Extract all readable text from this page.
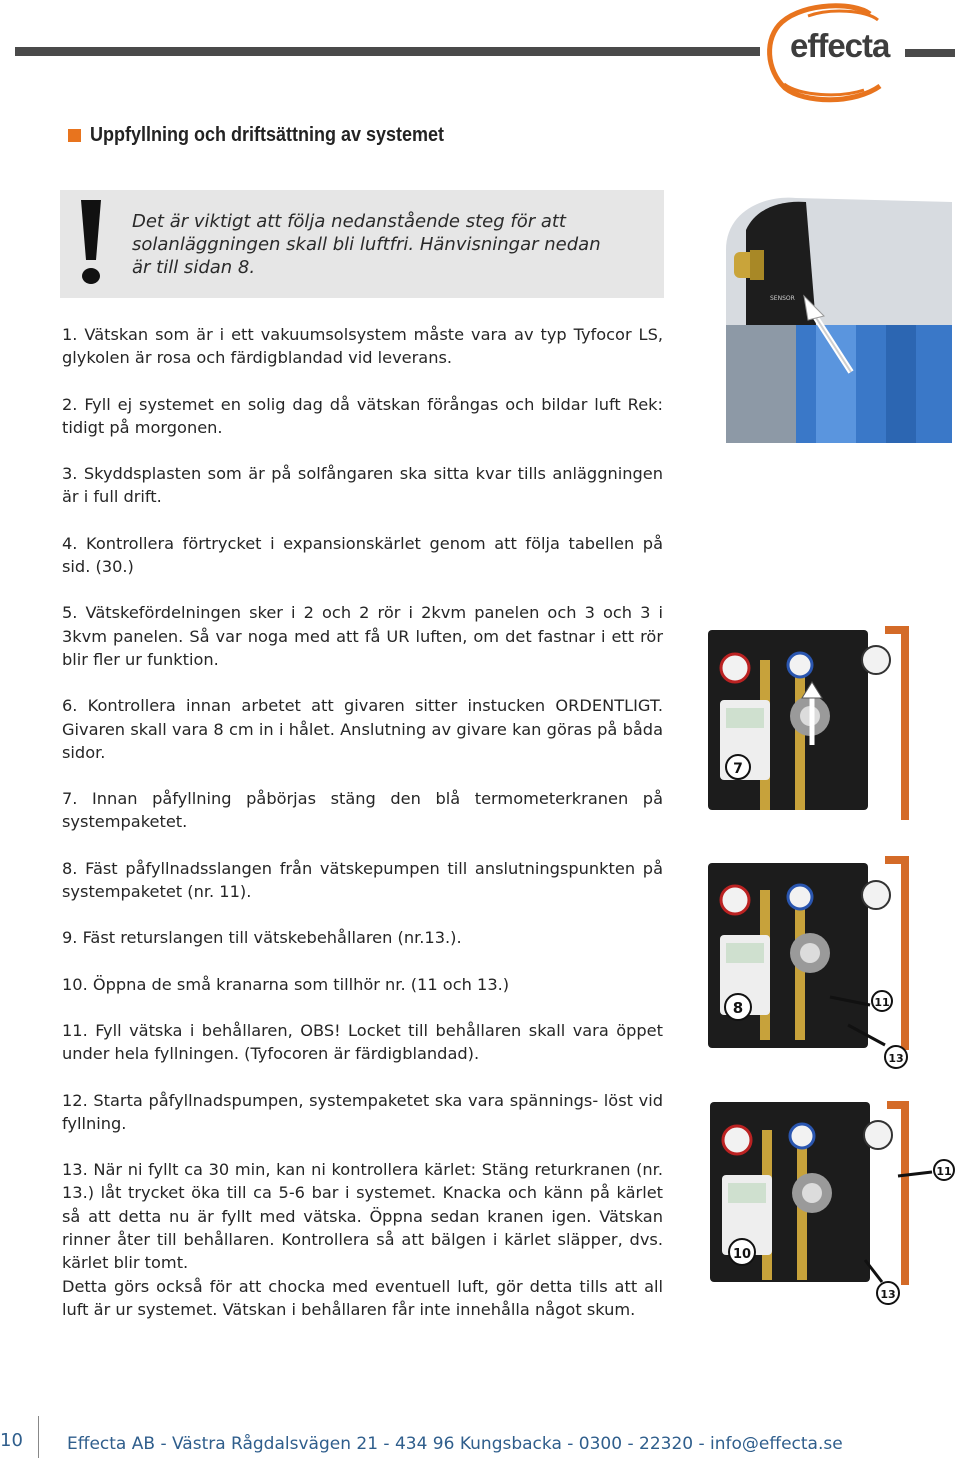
effecta
Uppfyllning och driftsättning av systemet
Det är viktigt att följa nedanstående steg för att
solanläggningen skall bli luftfri. Hänvisningar nedan
är till sidan 8.
1. Vätskan som är i ett vakuumsolsystem måste vara av typ Tyfocor LS, glykolen är rosa och färdigblandad vid leverans.
2. Fyll ej systemet en solig dag då vätskan förångas och bildar luft Rek: tidigt på morgonen.
3. Skyddsplasten som är på solfångaren ska sitta kvar tills anläggningen är i full drift.
4. Kontrollera förtrycket i expansionskärlet genom att följa tabellen på sid. (30.)
5. Vätskefördelningen sker i 2 och 2 rör i 2kvm panelen och 3 och 3 i 3kvm panelen. Så var noga med att få UR luften, om det fastnar i ett rör blir fler ur funktion.
6. Kontrollera innan arbetet att givaren sitter instucken ORDENTLIGT. Givaren skall vara 8 cm in i hålet. Anslutning av givare kan göras på båda sidor.
7. Innan påfyllning påbörjas stäng den blå termometerkranen på systempaketet.
8. Fäst påfyllnadsslangen från vätskepumpen till anslutningspunkten på systempaketet (nr. 11).
9. Fäst returslangen till vätskebehållaren (nr.13.).
10. Öppna de små kranarna som tillhör nr. (11 och 13.)
11. Fyll vätska i behållaren, OBS! Locket till behållaren skall vara öppet under hela fyllningen. (Tyfocoren är färdigblandad).
12. Starta påfyllnadspumpen, systempaketet ska vara spännings- löst vid fyllning.
13. När ni fyllt ca 30 min, kan ni kontrollera kärlet: Stäng returkranen (nr. 13.) låt trycket öka till ca 5-6 bar i systemet. Knacka och känn på kärlet så att detta nu är fyllt med vätska. Öppna sedan kranen igen. Vätskan rinner åter till behållaren. Kontrollera så att bälgen i kärlet släpper, dvs. kärlet blir tomt.
Detta görs också för att chocka med eventuell luft, gör detta tills att all luft är ur systemet. Vätskan i behållaren får inte innehålla något skum.
SENSOR
7
8	11
13
10
11
13
10	Effecta AB - Västra Rågdalsvägen 21 - 434 96 Kungsbacka - 0300 - 22320 - info@effecta.se
